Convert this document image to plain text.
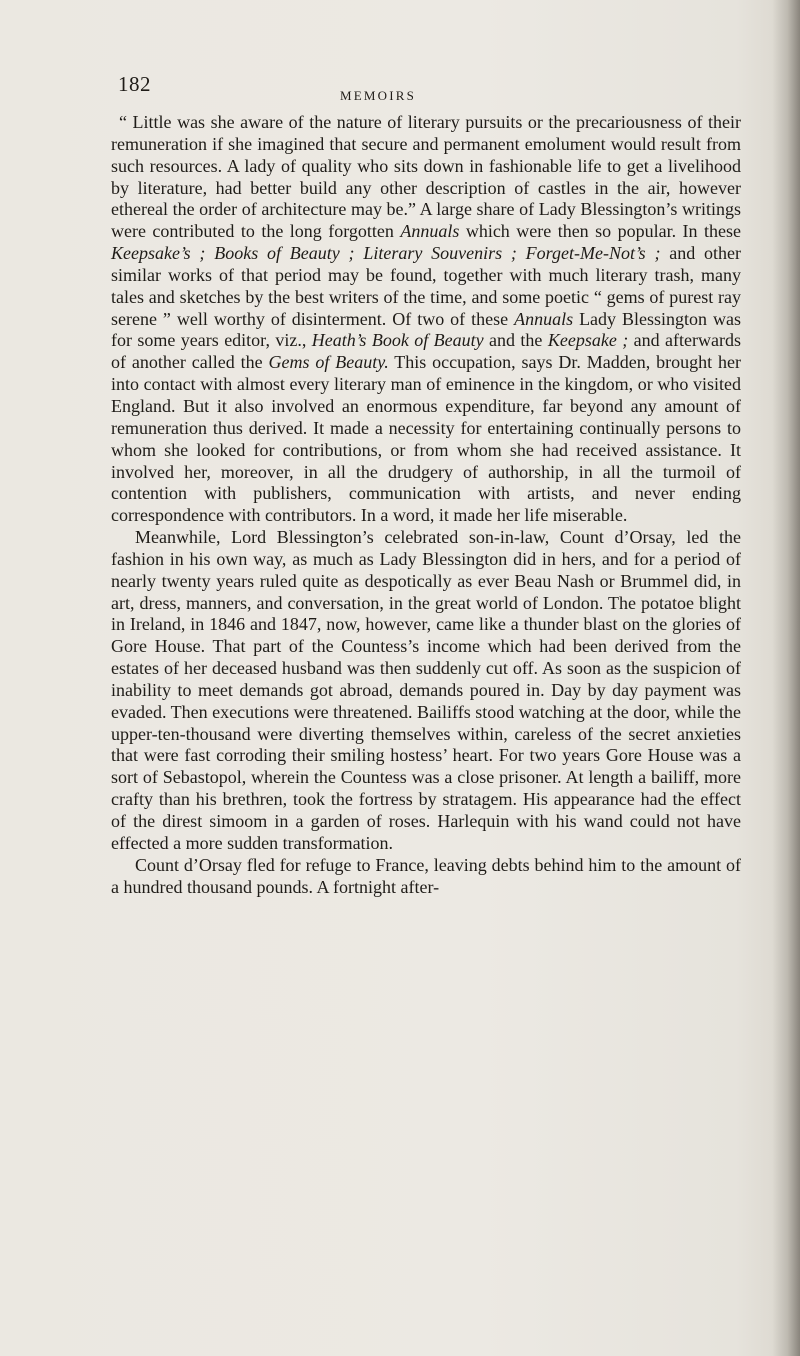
182	MEMOIRS

“ Little was she aware of the nature of literary pursuits or the precariousness of their remuneration if she imagined that secure and permanent emolument would result from such resources. A lady of quality who sits down in fashionable life to get a livelihood by literature, had better build any other description of castles in the air, however ethereal the order of architecture may be.” A large share of Lady Blessington’s writings were contributed to the long forgotten Annuals which were then so popular. In these Keepsake’s ; Books of Beauty ; Literary Souvenirs ; Forget-Me-Not’s ; and other similar works of that period may be found, together with much literary trash, many tales and sketches by the best writers of the time, and some poetic “ gems of purest ray serene ” well worthy of disinterment. Of two of these Annuals Lady Blessington was for some years editor, viz., Heath’s Book of Beauty and the Keepsake ; and afterwards of another called the Gems of Beauty. This occupation, says Dr. Madden, brought her into contact with almost every literary man of eminence in the kingdom, or who visited England. But it also involved an enormous expenditure, far beyond any amount of remuneration thus derived. It made a necessity for entertaining continually persons to whom she looked for contributions, or from whom she had received assistance. It involved her, moreover, in all the drudgery of authorship, in all the turmoil of contention with publishers, communication with artists, and never ending correspondence with contributors. In a word, it made her life miserable.

Meanwhile, Lord Blessington’s celebrated son-in-law, Count d’Orsay, led the fashion in his own way, as much as Lady Blessington did in hers, and for a period of nearly twenty years ruled quite as despotically as ever Beau Nash or Brummel did, in art, dress, manners, and conversation, in the great world of London. The potatoe blight in Ireland, in 1846 and 1847, now, however, came like a thunder blast on the glories of Gore House. That part of the Countess’s income which had been derived from the estates of her deceased husband was then suddenly cut off. As soon as the suspicion of inability to meet demands got abroad, demands poured in. Day by day payment was evaded. Then executions were threatened. Bailiffs stood watching at the door, while the upper-ten-thousand were diverting themselves within, careless of the secret anxieties that were fast corroding their smiling hostess’ heart. For two years Gore House was a sort of Sebastopol, wherein the Countess was a close prisoner. At length a bailiff, more crafty than his brethren, took the fortress by stratagem. His appearance had the effect of the direst simoom in a garden of roses. Harlequin with his wand could not have effected a more sudden transformation.

Count d’Orsay fled for refuge to France, leaving debts behind him to the amount of a hundred thousand pounds. A fortnight after-
